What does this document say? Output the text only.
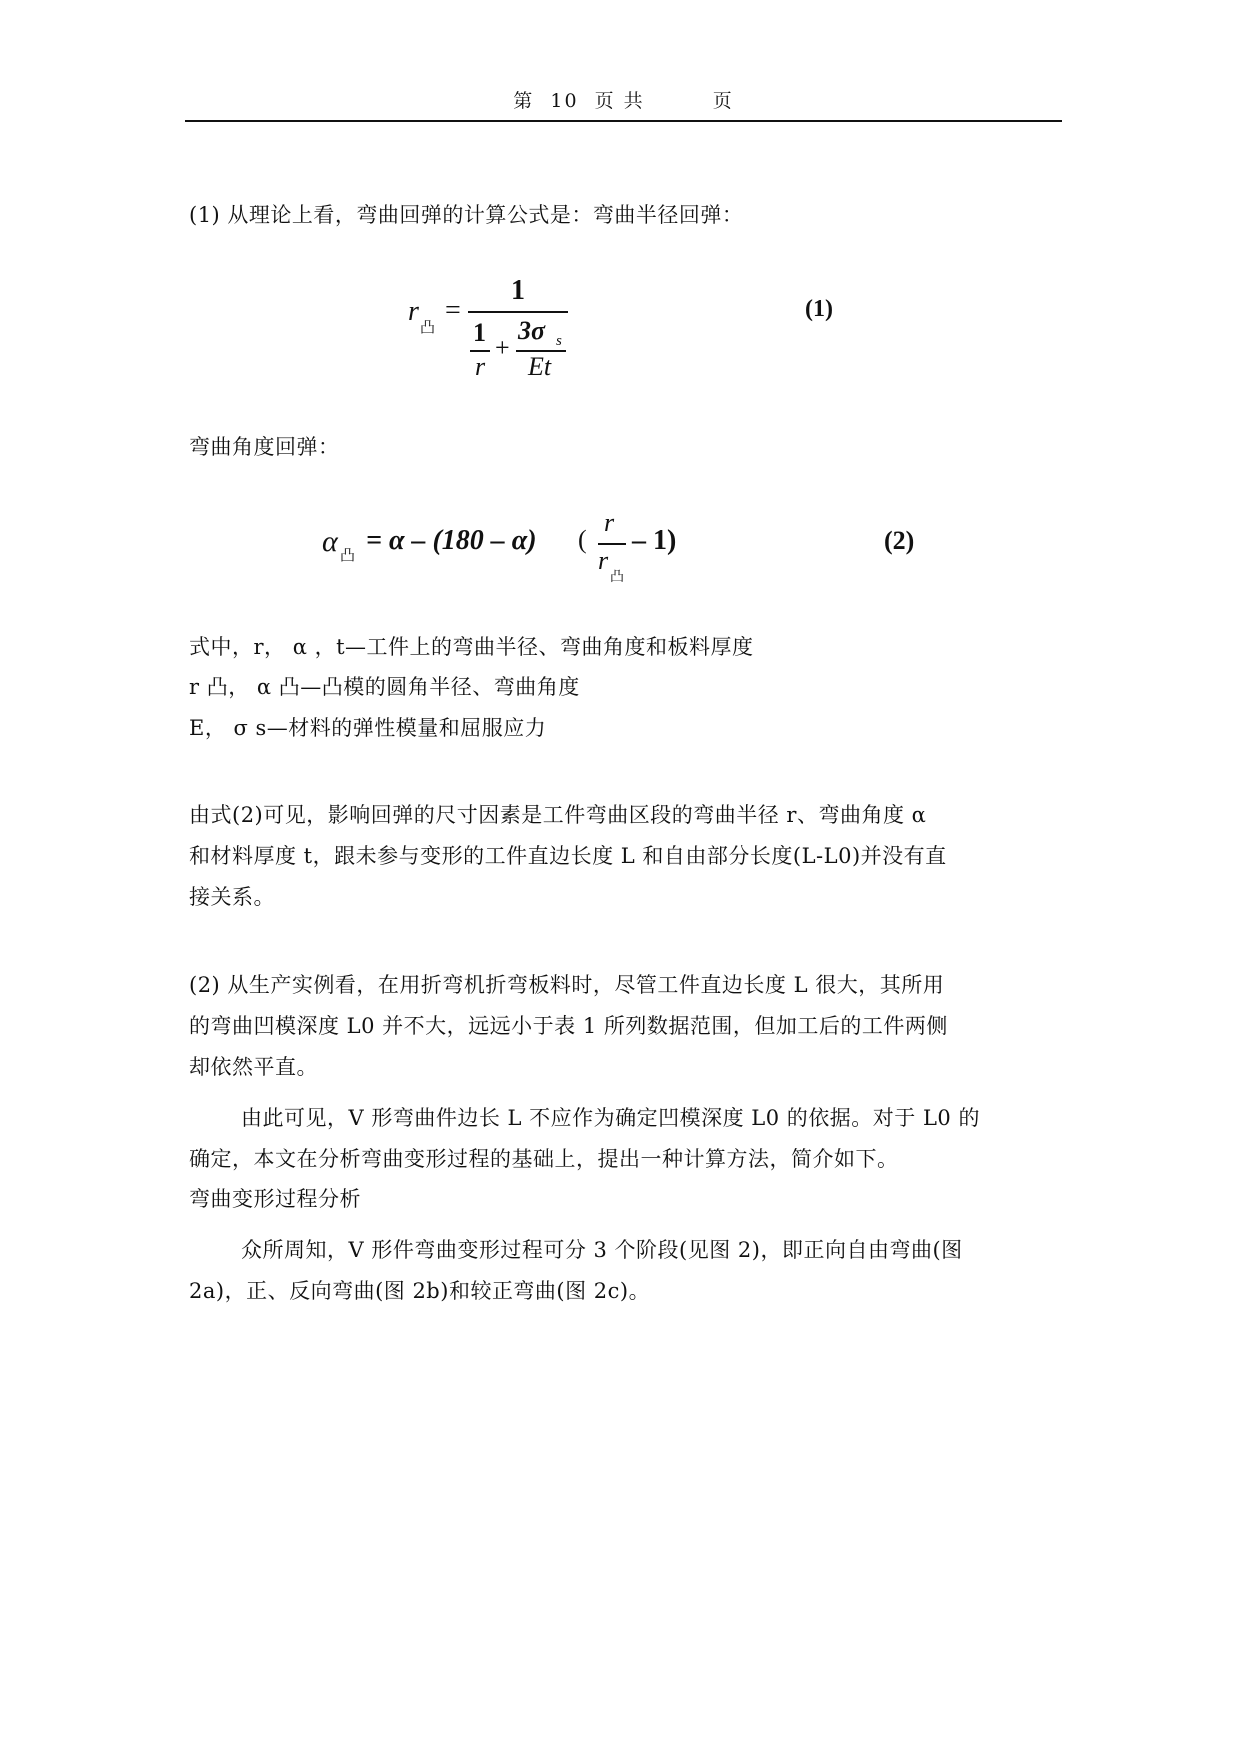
第 10 页 共	页
(1) 从理论上看，弯曲回弹的计算公式是：弯曲半径回弹：
r 凸
=
1
1
r
+
3σ s
Et
(1)
弯曲角度回弹：
α 凸 = α – (180 – α) (
r
r
凸
– 1)	(2)
式中，r， α ，t—工件上的弯曲半径、弯曲角度和板料厚度
r 凸， α 凸—凸模的圆角半径、弯曲角度
E， σ s—材料的弹性模量和屈服应力
由式(2)可见，影响回弹的尺寸因素是工件弯曲区段的弯曲半径 r、弯曲角度 α
和材料厚度 t，跟未参与变形的工件直边长度 L 和自由部分长度(L-L0)并没有直
接关系。
(2) 从生产实例看，在用折弯机折弯板料时，尽管工件直边长度 L 很大，其所用
的弯曲凹模深度 L0 并不大，远远小于表 1 所列数据范围，但加工后的工件两侧
却依然平直。
由此可见，V 形弯曲件边长 L 不应作为确定凹模深度 L0 的依据。对于 L0 的
确定，本文在分析弯曲变形过程的基础上，提出一种计算方法，简介如下。
弯曲变形过程分析
众所周知，V 形件弯曲变形过程可分 3 个阶段(见图 2)，即正向自由弯曲(图
2a)，正、反向弯曲(图 2b)和较正弯曲(图 2c)。
